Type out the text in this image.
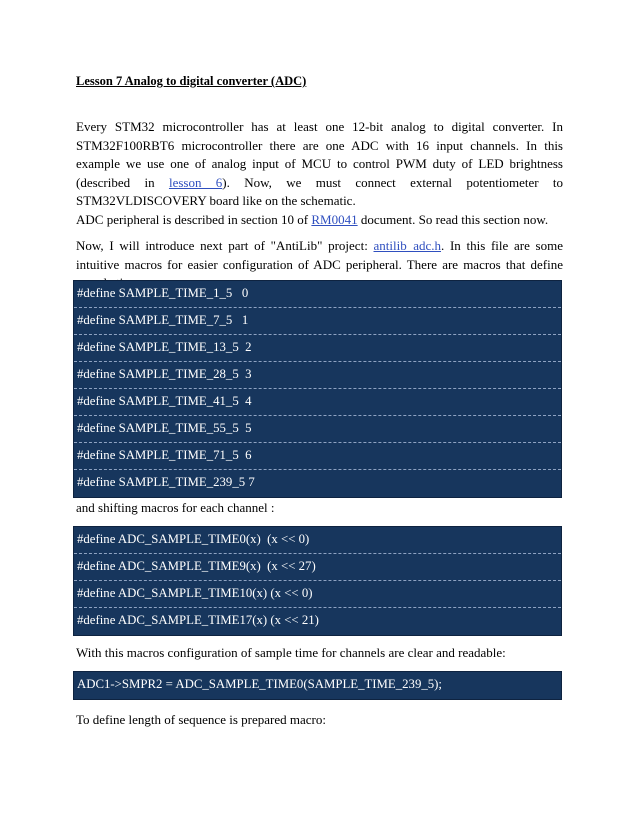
Lesson 7 Analog to digital converter (ADC)
Every STM32 microcontroller has at least one 12-bit analog to digital converter. In STM32F100RBT6 microcontroller there are one ADC with 16 input channels. In this example we use one of analog input of MCU to control PWM duty of LED brightness (described in lesson 6). Now, we must connect external potentiometer to STM32VLDISCOVERY board like on the schematic.
ADC peripheral is described in section 10 of RM0041 document. So read this section now.
Now, I will introduce next part of "AntiLib" project: antilib_adc.h. In this file are some intuitive macros for easier configuration of ADC peripheral. There are macros that define
#define SAMPLE_TIME_1_5   0
#define SAMPLE_TIME_7_5   1
#define SAMPLE_TIME_13_5  2
#define SAMPLE_TIME_28_5  3
#define SAMPLE_TIME_41_5  4
#define SAMPLE_TIME_55_5  5
#define SAMPLE_TIME_71_5  6
#define SAMPLE_TIME_239_5 7
and shifting macros for each channel :
#define ADC_SAMPLE_TIME0(x)  (x << 0)
#define ADC_SAMPLE_TIME9(x)  (x << 27)
#define ADC_SAMPLE_TIME10(x) (x << 0)
#define ADC_SAMPLE_TIME17(x) (x << 21)
With this macros configuration of sample time for channels are clear and readable:
ADC1->SMPR2 = ADC_SAMPLE_TIME0(SAMPLE_TIME_239_5);
To define length of sequence is prepared macro:
